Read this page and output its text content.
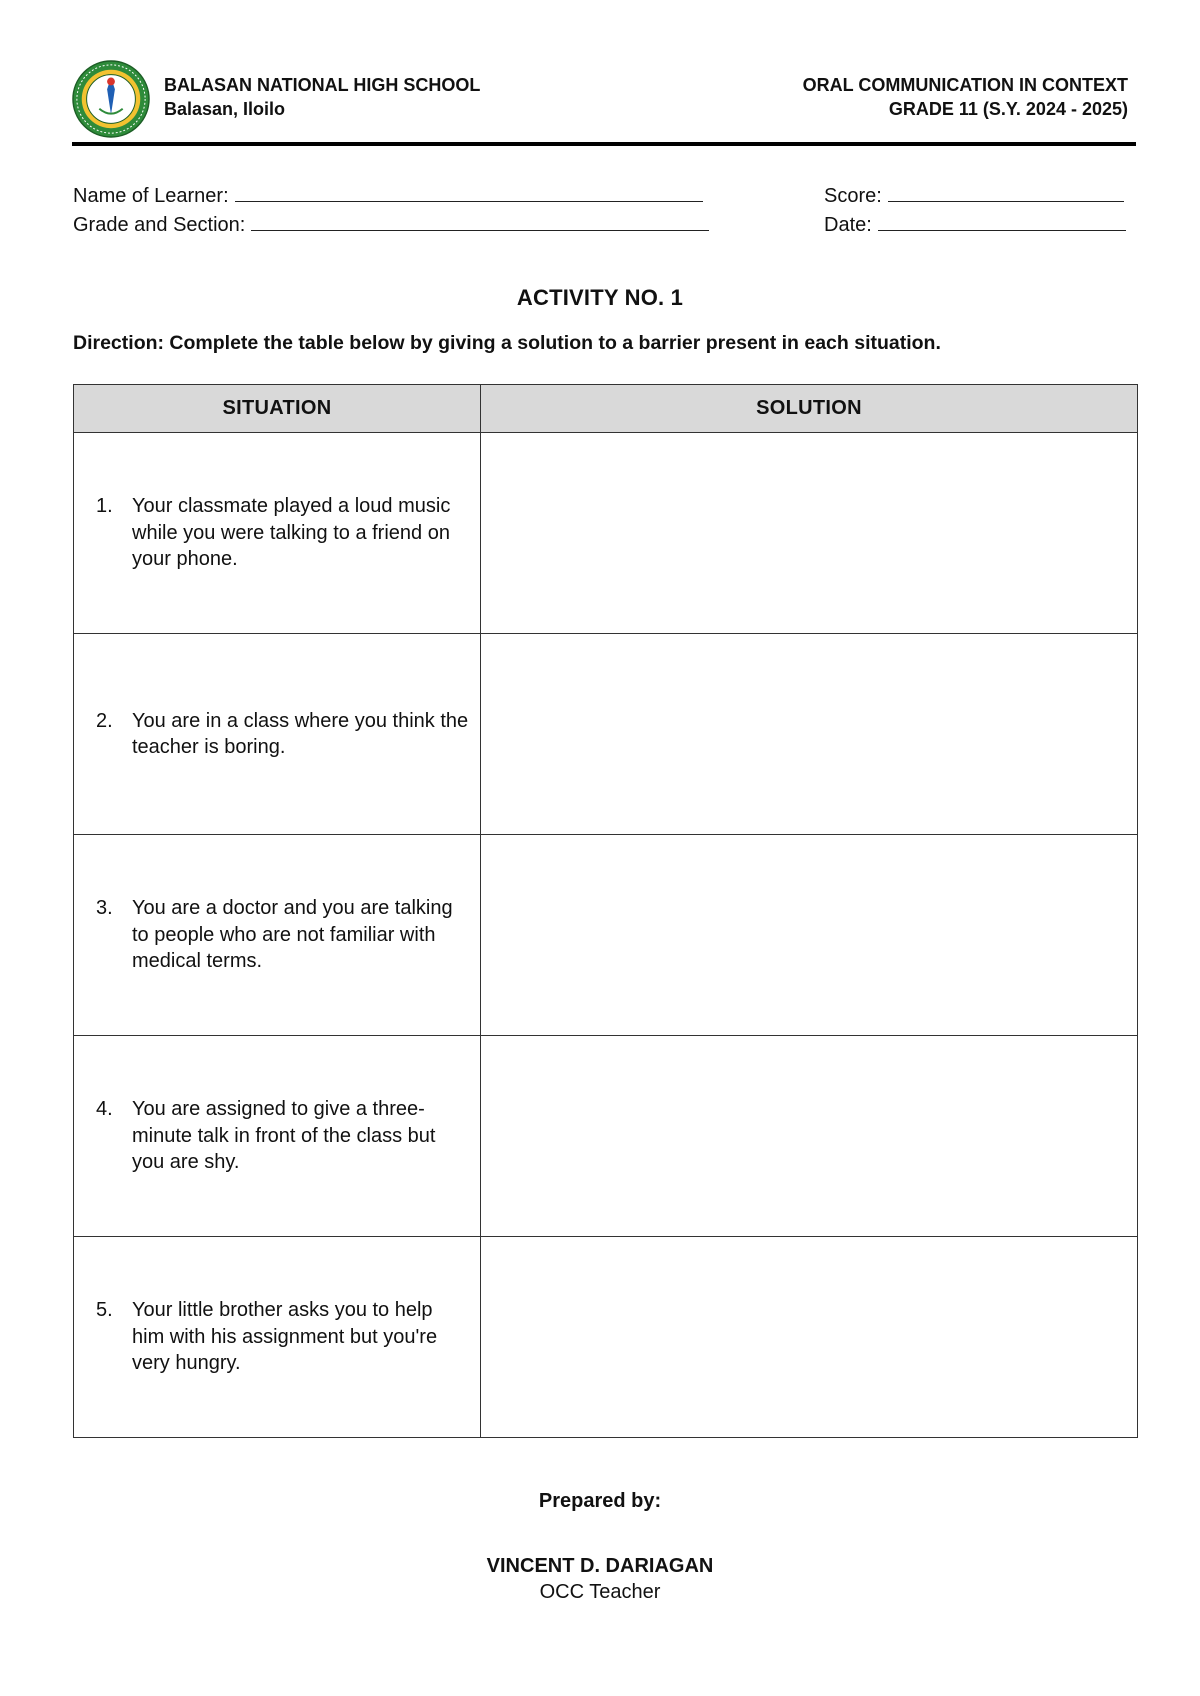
BALASAN NATIONAL HIGH SCHOOL
Balasan, Iloilo
ORAL COMMUNICATION IN CONTEXT
GRADE 11 (S.Y. 2024 - 2025)
Name of Learner:
Grade and Section:
Score:
Date:
ACTIVITY NO. 1
Direction: Complete the table below by giving a solution to a barrier present in each situation.
SITUATION	SOLUTION

1. Your classmate played a loud music while you were talking to a friend on your phone.	

2. You are in a class where you think the teacher is boring.	

3. You are a doctor and you are talking to people who are not familiar with medical terms.	

4. You are assigned to give a three-minute talk in front of the class but you are shy.	

5. Your little brother asks you to help him with his assignment but you're very hungry.	

Prepared by:
VINCENT D. DARIAGAN
OCC Teacher
